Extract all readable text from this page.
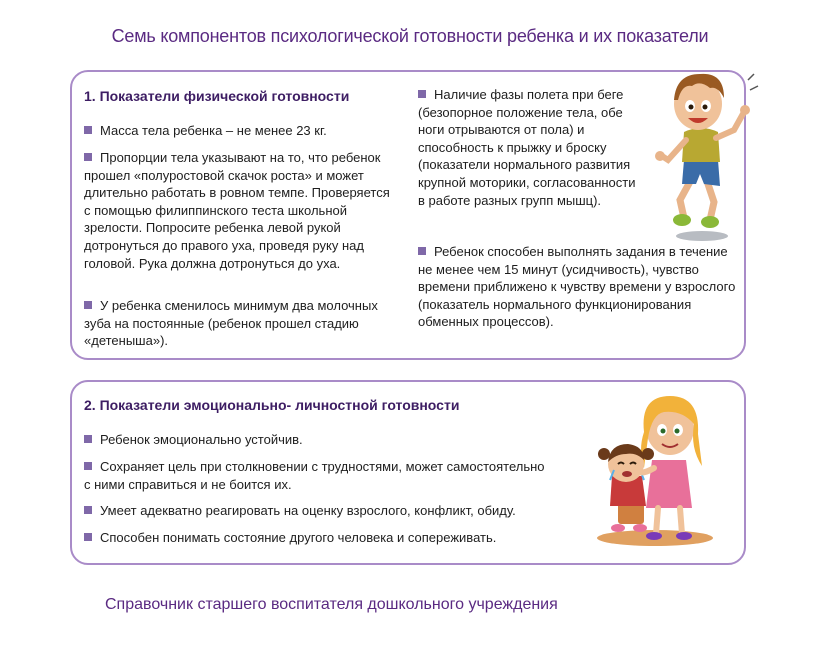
Семь компонентов психологической готовности ребенка и их показатели
1. Показатели физической готовности

Масса тела ребенка – не менее 23 кг.

Пропорции тела указывают на то, что ребенок прошел «полуростовой скачок роста» и может длительно работать в ровном темпе. Проверяется с помощью филиппинского теста школьной зрелости. Попросите ребенка левой рукой дотронуться до правого уха, проведя руку над головой. Рука должна дотронуться до уха.

У ребенка сменилось минимум два молочных зуба на постоянные (ребенок прошел стадию «детеныша»).

Наличие фазы полета при беге (безопорное положение тела, обе ноги отрываются от пола) и способность к прыжку и броску (показатели нормального развития крупной моторики, согласованности в работе разных групп мышц).

Ребенок способен выполнять задания в течение не менее чем 15 минут (усидчивость), чувство времени приближено к чувству времени у взрослого (показатель нормального функционирования обменных процессов).

2. Показатели эмоционально- личностной готовности

Ребенок эмоционально устойчив.

Сохраняет цель при столкновении с трудностями, может самостоятельно с ними справиться и не боится их.

Умеет адекватно реагировать на оценку взрослого, конфликт, обиду.

Способен понимать состояние другого человека и сопереживать.

Справочник старшего воспитателя дошкольного учреждения
